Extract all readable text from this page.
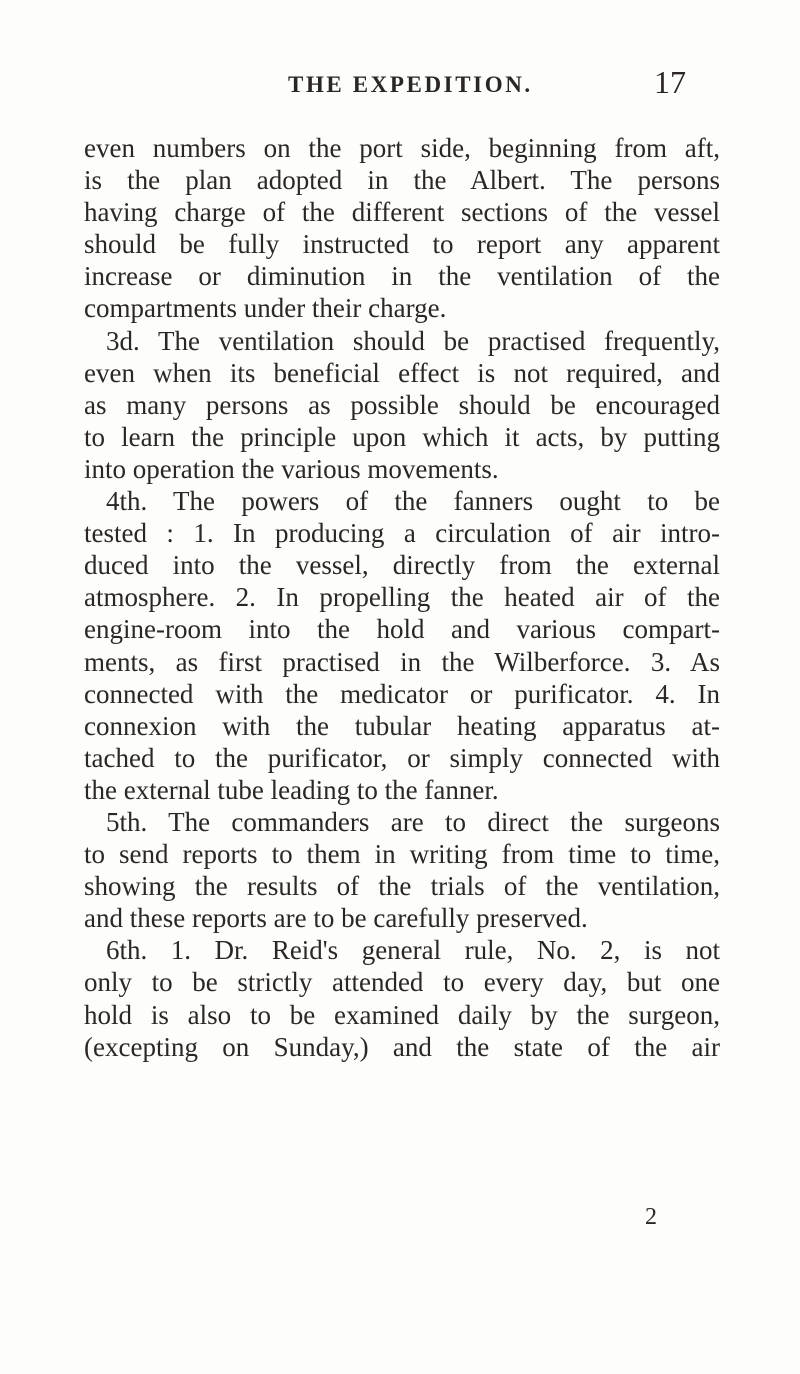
THE EXPEDITION.	17
even numbers on the port side, beginning from aft,
is the plan adopted in the Albert. The persons
having charge of the different sections of the vessel
should be fully instructed to report any apparent
increase or diminution in the ventilation of the
compartments under their charge.
3d. The ventilation should be practised frequently,
even when its beneficial effect is not required, and
as many persons as possible should be encouraged
to learn the principle upon which it acts, by putting
into operation the various movements.
4th. The powers of the fanners ought to be
tested : 1. In producing a circulation of air intro-
duced into the vessel, directly from the external
atmosphere. 2. In propelling the heated air of the
engine-room into the hold and various compart-
ments, as first practised in the Wilberforce. 3. As
connected with the medicator or purificator. 4. In
connexion with the tubular heating apparatus at-
tached to the purificator, or simply connected with
the external tube leading to the fanner.
5th. The commanders are to direct the surgeons
to send reports to them in writing from time to time,
showing the results of the trials of the ventilation,
and these reports are to be carefully preserved.
6th. 1. Dr. Reid's general rule, No. 2, is not
only to be strictly attended to every day, but one
hold is also to be examined daily by the surgeon,
(excepting on Sunday,) and the state of the air
2
